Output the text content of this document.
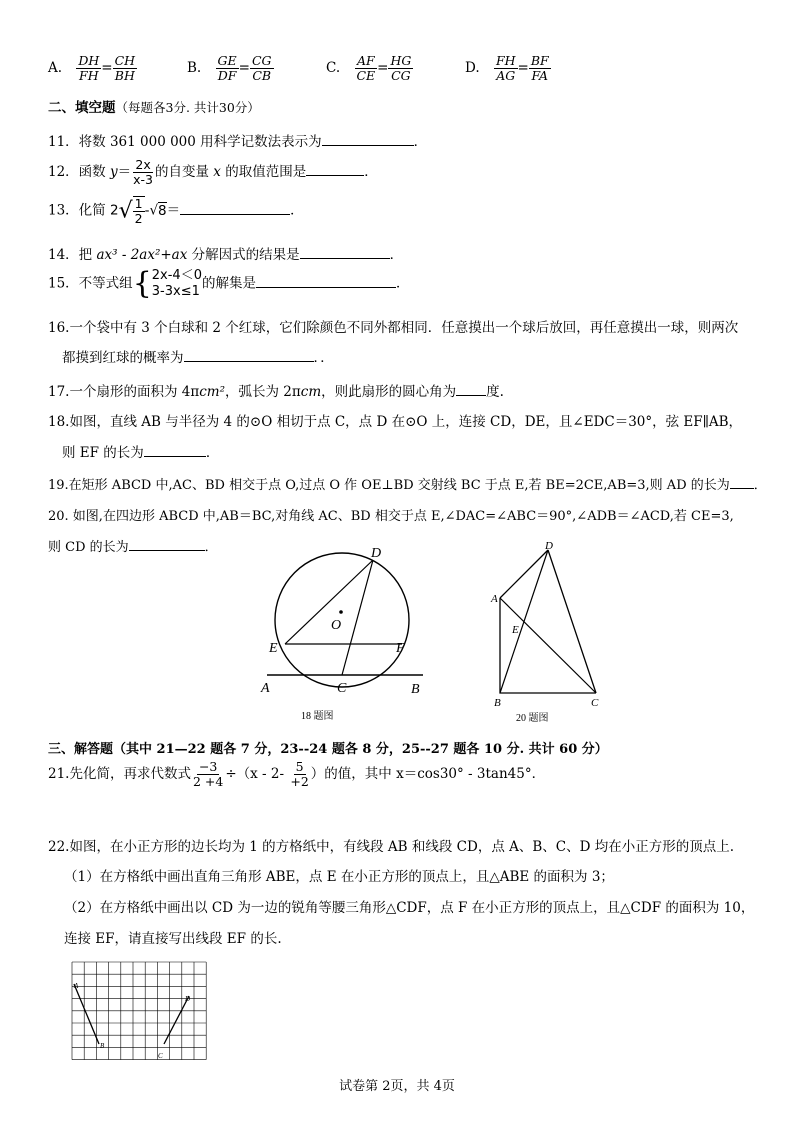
A. $\frac{DH}{FH} = \frac{CH}{BH}$	B. $\frac{GE}{DF} = \frac{CG}{CB}$	C. $\frac{AF}{CE} = \frac{HG}{CG}$	D. $\frac{FH}{AG} = \frac{BF}{FA}$
二、填空题（每题各3分. 共计30分）
11．将数 361 000 000 用科学记数法表示为	．
12．函数 $y= \frac{2x}{x-3}$ 的自变量 x 的取值范围是	．
13．化简 $2√ \frac{1}{2} -√8=$	．
14．把 ax³ - 2ax²+ax 分解因式的结果是	．
15．不等式组{ 2x-4＜0
3-3x≤1 的解集是	．
16.一个袋中有 3 个白球和 2 个红球，它们除颜色不同外都相同．任意摸出一个球后放回，再任意摸出一球，则两次
都摸到红球的概率为	．．
17.一个扇形的面积为 4πcm²，弧长为 2πcm，则此扇形的圆心角为 度.
18.如图，直线 AB 与半径为 4 的⊙O 相切于点 C，点 D 在⊙O 上，连接 CD，DE，且∠EDC＝30°，弦 EF∥AB，
则 EF 的长为	．
19.在矩形 ABCD 中,AC、BD 相交于点 O,过点 O 作 OE⊥BD 交射线 BC 于点 E,若 BE=2CE,AB=3,则 AD 的长为 ．
20. 如图,在四边形 ABCD 中,AB＝BC,对角线 AC、BD 相交于点 E,∠DAC=∠ABC＝90°,∠ADB＝∠ACD,若 CE=3,
则 CD 的长为	．	D
O
E	F
A	C	B
18 题图
D
A
E
B	C
20 题图
三、解答题（其中 21—22 题各 7 分，23--24 题各 8 分，25--27 题各 10 分. 共计 60 分）
21.先化简，再求代数式 $\frac{-3}{2 +4} \div(x - 2- \frac{5}{+2}$ ）的值，其中 x＝cos30° - 3tan45°．
22.如图，在小正方形的边长均为 1 的方格纸中，有线段 AB 和线段 CD，点 A、B、C、D 均在小正方形的顶点上.
（1）在方格纸中画出直角三角形 ABE，点 E 在小正方形的顶点上，且△ABE 的面积为 3；
（2）在方格纸中画出以 CD 为一边的锐角等腰三角形△CDF，点 F 在小正方形的顶点上，且△CDF 的面积为 10，
连接 EF，请直接写出线段 EF 的长.
A
B
C
D
试卷第 2页，共 4页
